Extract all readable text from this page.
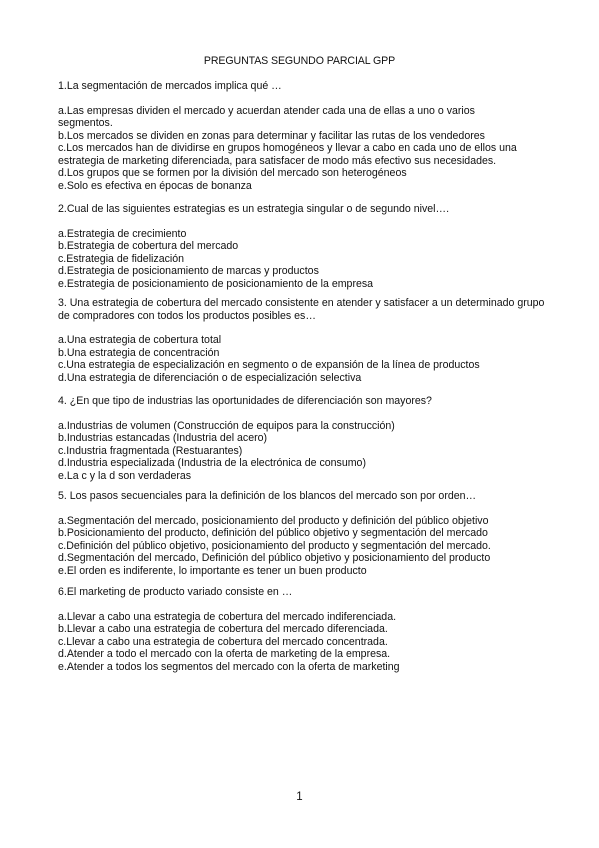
PREGUNTAS SEGUNDO PARCIAL GPP
1.La segmentación de mercados implica qué …
a.Las empresas dividen el mercado y acuerdan atender cada una de ellas a uno o varios segmentos.
b.Los mercados se dividen en zonas para determinar y facilitar las rutas de los vendedores
c.Los mercados han de dividirse en grupos homogéneos y llevar a cabo en cada uno de ellos una estrategia de marketing diferenciada, para satisfacer de modo más efectivo sus necesidades.
d.Los grupos que se formen por la división del mercado son heterogéneos
e.Solo es efectiva en épocas de bonanza
2.Cual de las siguientes estrategias es un estrategia singular o de segundo nivel….
a.Estrategia de crecimiento
b.Estrategia de cobertura del mercado
c.Estrategia de fidelización
d.Estrategia de posicionamiento de marcas y productos
e.Estrategia de posicionamiento de posicionamiento de la empresa
3. Una estrategia de cobertura del mercado consistente en atender y satisfacer a un determinado grupo de compradores con todos los productos posibles es…
a.Una estrategia de cobertura total
b.Una estrategia de concentración
c.Una estrategia de especialización en segmento o de expansión de la línea de productos
d.Una estrategia de diferenciación o de especialización selectiva
4. ¿En que tipo de industrias las oportunidades de diferenciación son mayores?
a.Industrias de volumen (Construcción de equipos para la construcción)
b.Industrias estancadas (Industria del acero)
c.Industria fragmentada (Restuarantes)
d.Industria especializada (Industria de la electrónica de consumo)
e.La c y la d son verdaderas
5. Los pasos secuenciales para la definición de los blancos del mercado son por orden…
a.Segmentación del mercado, posicionamiento del producto y definición del público objetivo
b.Posicionamiento del producto, definición del público objetivo y segmentación del mercado
c.Definición del público objetivo, posicionamiento del producto y segmentación del mercado.
d.Segmentación del mercado, Definición del público objetivo y posicionamiento del producto
e.El orden es indiferente, lo importante es tener un buen producto
6.El marketing de producto variado consiste en …
a.Llevar a cabo una estrategia de cobertura del mercado indiferenciada.
b.Llevar a cabo una estrategia de cobertura del mercado diferenciada.
c.Llevar a cabo una estrategia de cobertura del mercado concentrada.
d.Atender a todo el mercado con la oferta de marketing de la empresa.
e.Atender a todos los segmentos del mercado con la oferta de marketing
1
